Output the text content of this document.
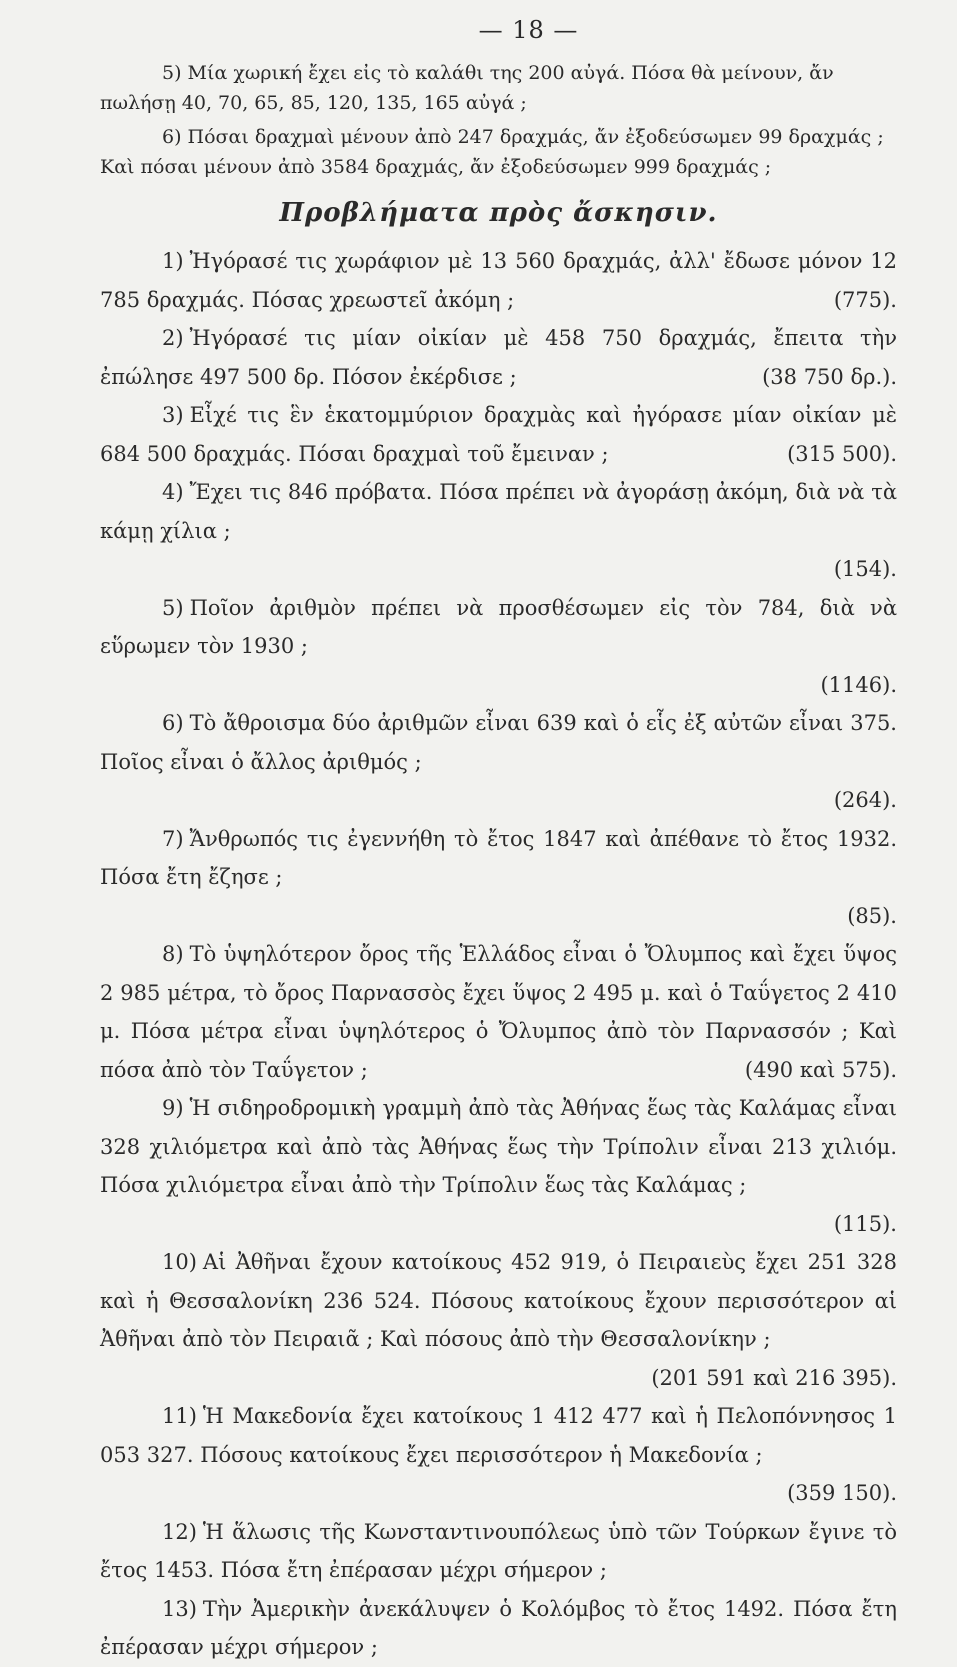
— 18 —

5) Μία χωρική ἔχει εἰς τὸ καλάθι της 200 αὐγά. Πόσα θὰ μείνουν, ἄν πωλήσῃ 40, 70, 65, 85, 120, 135, 165 αὐγά ;

6) Πόσαι δραχμαὶ μένουν ἀπὸ 247 δραχμάς, ἄν ἐξοδεύσωμεν 99 δραχμάς ; Καὶ πόσαι μένουν ἀπὸ 3584 δραχμάς, ἄν ἐξοδεύσωμεν 999 δραχμάς ;

Προβλήματα πρὸς ἄσκησιν.

1) Ἠγόρασέ τις χωράφιον μὲ 13 560 δραχμάς, ἀλλ' ἔδωσε μόνον 12 785 δραχμάς. Πόσας χρεωστεῖ ἀκόμη ;	(775).

2) Ἠγόρασέ τις μίαν οἰκίαν μὲ 458 750 δραχμάς, ἔπειτα τὴν ἐπώλησε 497 500 δρ. Πόσον ἐκέρδισε ;	(38 750 δρ.).

3) Εἶχέ τις ἓν ἑκατομμύριον δραχμὰς καὶ ἠγόρασε μίαν οἰκίαν μὲ 684 500 δραχμάς. Πόσαι δραχμαὶ τοῦ ἔμειναν ;	(315 500).

4) Ἔχει τις 846 πρόβατα. Πόσα πρέπει νὰ ἀγοράσῃ ἀκόμη, διὰ νὰ τὰ κάμῃ χίλια ;
(154).

5) Ποῖον ἀριθμὸν πρέπει νὰ προσθέσωμεν εἰς τὸν 784, διὰ νὰ εὕρωμεν τὸν 1930 ;
(1146).

6) Τὸ ἄθροισμα δύο ἀριθμῶν εἶναι 639 καὶ ὁ εἷς ἐξ αὐτῶν εἶναι 375. Ποῖος εἶναι ὁ ἄλλος ἀριθμός ;
(264).

7) Ἄνθρωπός τις ἐγεννήθη τὸ ἔτος 1847 καὶ ἀπέθανε τὸ ἔτος 1932. Πόσα ἔτη ἔζησε ;
(85).

8) Τὸ ὑψηλότερον ὄρος τῆς Ἑλλάδος εἶναι ὁ Ὄλυμπος καὶ ἔχει ὕψος 2 985 μέτρα, τὸ ὄρος Παρνασσὸς ἔχει ὕψος 2 495 μ. καὶ ὁ Ταΰγετος 2 410 μ. Πόσα μέτρα εἶναι ὑψηλότερος ὁ Ὄλυμπος ἀπὸ τὸν Παρνασσόν ; Καὶ πόσα ἀπὸ τὸν Ταΰγετον ;	(490 καὶ 575).

9) Ἡ σιδηροδρομικὴ γραμμὴ ἀπὸ τὰς Ἀθήνας ἕως τὰς Καλάμας εἶναι 328 χιλιόμετρα καὶ ἀπὸ τὰς Ἀθήνας ἕως τὴν Τρίπολιν εἶναι 213 χιλιόμ. Πόσα χιλιόμετρα εἶναι ἀπὸ τὴν Τρίπολιν ἕως τὰς Καλάμας ;
(115).

10) Αἱ Ἀθῆναι ἔχουν κατοίκους 452 919, ὁ Πειραιεὺς ἔχει 251 328 καὶ ἡ Θεσσαλονίκη 236 524. Πόσους κατοίκους ἔχουν περισσότερον αἱ Ἀθῆναι ἀπὸ τὸν Πειραιᾶ ; Καὶ πόσους ἀπὸ τὴν Θεσσαλονίκην ;
(201 591 καὶ 216 395).

11) Ἡ Μακεδονία ἔχει κατοίκους 1 412 477 καὶ ἡ Πελοπόννησος 1 053 327. Πόσους κατοίκους ἔχει περισσότερον ἡ Μακεδονία ;
(359 150).

12) Ἡ ἅλωσις τῆς Κωνσταντινουπόλεως ὑπὸ τῶν Τούρκων ἔγινε τὸ ἔτος 1453. Πόσα ἔτη ἐπέρασαν μέχρι σήμερον ;

13) Τὴν Ἀμερικὴν ἀνεκάλυψεν ὁ Κολόμβος τὸ ἔτος 1492. Πόσα ἔτη ἐπέρασαν μέχρι σήμερον ;
